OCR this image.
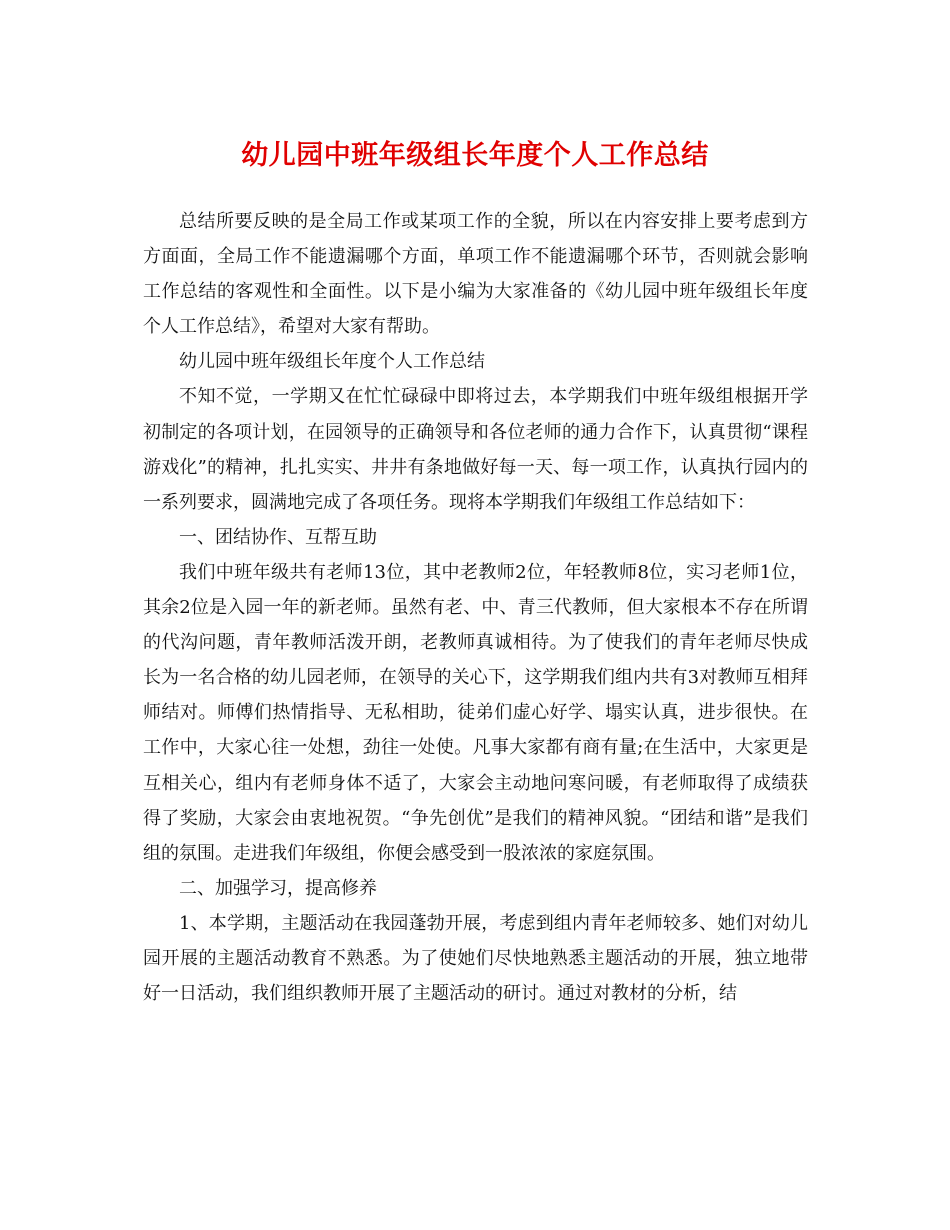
幼儿园中班年级组长年度个人工作总结

总结所要反映的是全局工作或某项工作的全貌，所以在内容安排上要考虑到方方面面，全局工作不能遗漏哪个方面，单项工作不能遗漏哪个环节，否则就会影响工作总结的客观性和全面性。以下是小编为大家准备的《幼儿园中班年级组长年度个人工作总结》，希望对大家有帮助。

幼儿园中班年级组长年度个人工作总结

不知不觉，一学期又在忙忙碌碌中即将过去，本学期我们中班年级组根据开学初制定的各项计划，在园领导的正确领导和各位老师的通力合作下，认真贯彻“课程游戏化”的精神，扎扎实实、井井有条地做好每一天、每一项工作，认真执行园内的一系列要求，圆满地完成了各项任务。现将本学期我们年级组工作总结如下：

一、团结协作、互帮互助

我们中班年级共有老师13位，其中老教师2位，年轻教师8位，实习老师1位，其余2位是入园一年的新老师。虽然有老、中、青三代教师，但大家根本不存在所谓的代沟问题，青年教师活泼开朗，老教师真诚相待。为了使我们的青年老师尽快成长为一名合格的幼儿园老师，在领导的关心下，这学期我们组内共有3对教师互相拜师结对。师傅们热情指导、无私相助，徒弟们虚心好学、塌实认真，进步很快。在工作中，大家心往一处想，劲往一处使。凡事大家都有商有量;在生活中，大家更是互相关心，组内有老师身体不适了，大家会主动地问寒问暖，有老师取得了成绩获得了奖励，大家会由衷地祝贺。“争先创优”是我们的精神风貌。“团结和谐”是我们组的氛围。走进我们年级组，你便会感受到一股浓浓的家庭氛围。

二、加强学习，提高修养

1、本学期，主题活动在我园蓬勃开展，考虑到组内青年老师较多、她们对幼儿园开展的主题活动教育不熟悉。为了使她们尽快地熟悉主题活动的开展，独立地带好一日活动，我们组织教师开展了主题活动的研讨。通过对教材的分析，结
